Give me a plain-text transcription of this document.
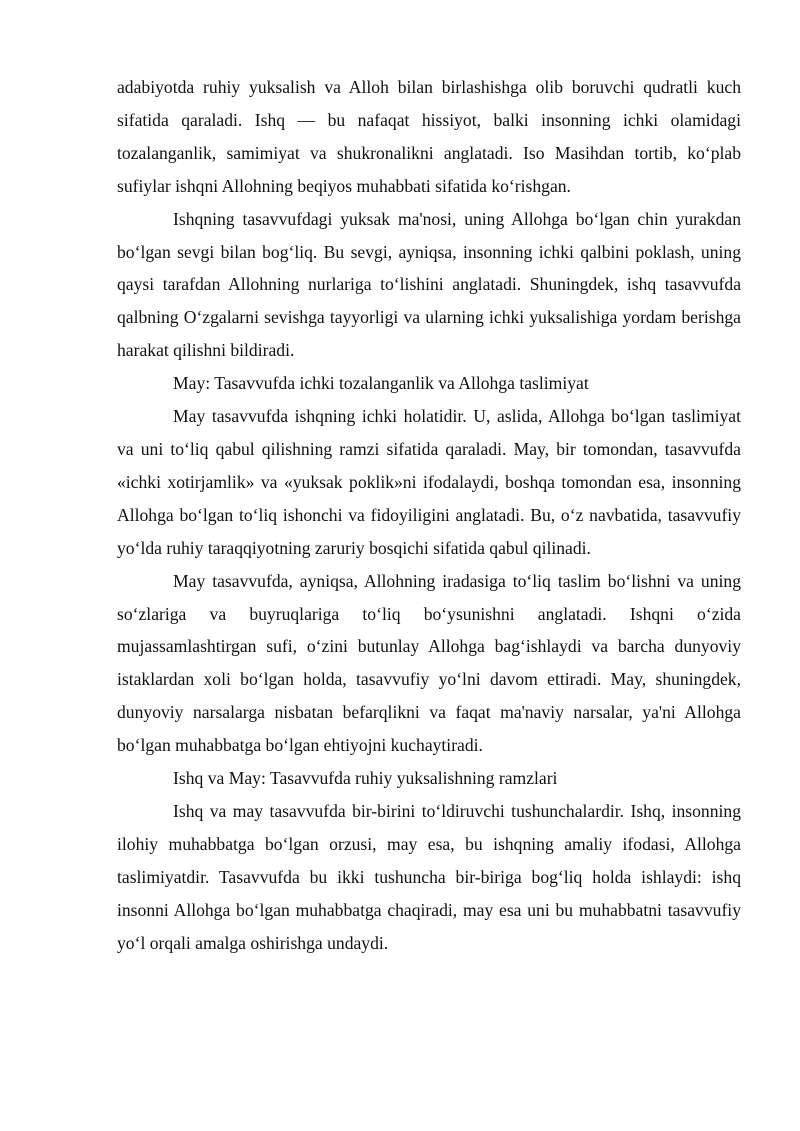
adabiyotda ruhiy yuksalish va Alloh bilan birlashishga olib boruvchi qudratli kuch sifatida qaraladi. Ishq — bu nafaqat hissiyot, balki insonning ichki olamidagi tozalanganlik, samimiyat va shukronalikni anglatadi. Iso Masihdan tortib, ko‘plab sufiylar ishqni Allohning beqiyos muhabbati sifatida ko‘rishgan.

Ishqning tasavvufdagi yuksak ma'nosi, uning Allohga bo‘lgan chin yurakdan bo‘lgan sevgi bilan bog‘liq. Bu sevgi, ayniqsa, insonning ichki qalbini poklash, uning qaysi tarafdan Allohning nurlariga to‘lishini anglatadi. Shuningdek, ishq tasavvufda qalbning O‘zgalarni sevishga tayyorligi va ularning ichki yuksalishiga yordam berishga harakat qilishni bildiradi.

May: Tasavvufda ichki tozalanganlik va Allohga taslimiyat

May tasavvufda ishqning ichki holatidir. U, aslida, Allohga bo‘lgan taslimiyat va uni to‘liq qabul qilishning ramzi sifatida qaraladi. May, bir tomondan, tasavvufda «ichki xotirjamlik» va «yuksak poklik»ni ifodalaydi, boshqa tomondan esa, insonning Allohga bo‘lgan to‘liq ishonchi va fidoyiligini anglatadi. Bu, o‘z navbatida, tasavvufiy yo‘lda ruhiy taraqqiyotning zaruriy bosqichi sifatida qabul qilinadi.

May tasavvufda, ayniqsa, Allohning iradasiga to‘liq taslim bo‘lishni va uning so‘zlariga va buyruqlariga to‘liq bo‘ysunishni anglatadi. Ishqni o‘zida mujassamlashtirgan sufi, o‘zini butunlay Allohga bag‘ishlaydi va barcha dunyoviy istaklardan xoli bo‘lgan holda, tasavvufiy yo‘lni davom ettiradi. May, shuningdek, dunyoviy narsalarga nisbatan befarqlikni va faqat ma'naviy narsalar, ya'ni Allohga bo‘lgan muhabbatga bo‘lgan ehtiyojni kuchaytiradi.

Ishq va May: Tasavvufda ruhiy yuksalishning ramzlari

Ishq va may tasavvufda bir-birini to‘ldiruvchi tushunchalardir. Ishq, insonning ilohiy muhabbatga bo‘lgan orzusi, may esa, bu ishqning amaliy ifodasi, Allohga taslimiyatdir. Tasavvufda bu ikki tushuncha bir-biriga bog‘liq holda ishlaydi: ishq insonni Allohga bo‘lgan muhabbatga chaqiradi, may esa uni bu muhabbatni tasavvufiy yo‘l orqali amalga oshirishga undaydi.
